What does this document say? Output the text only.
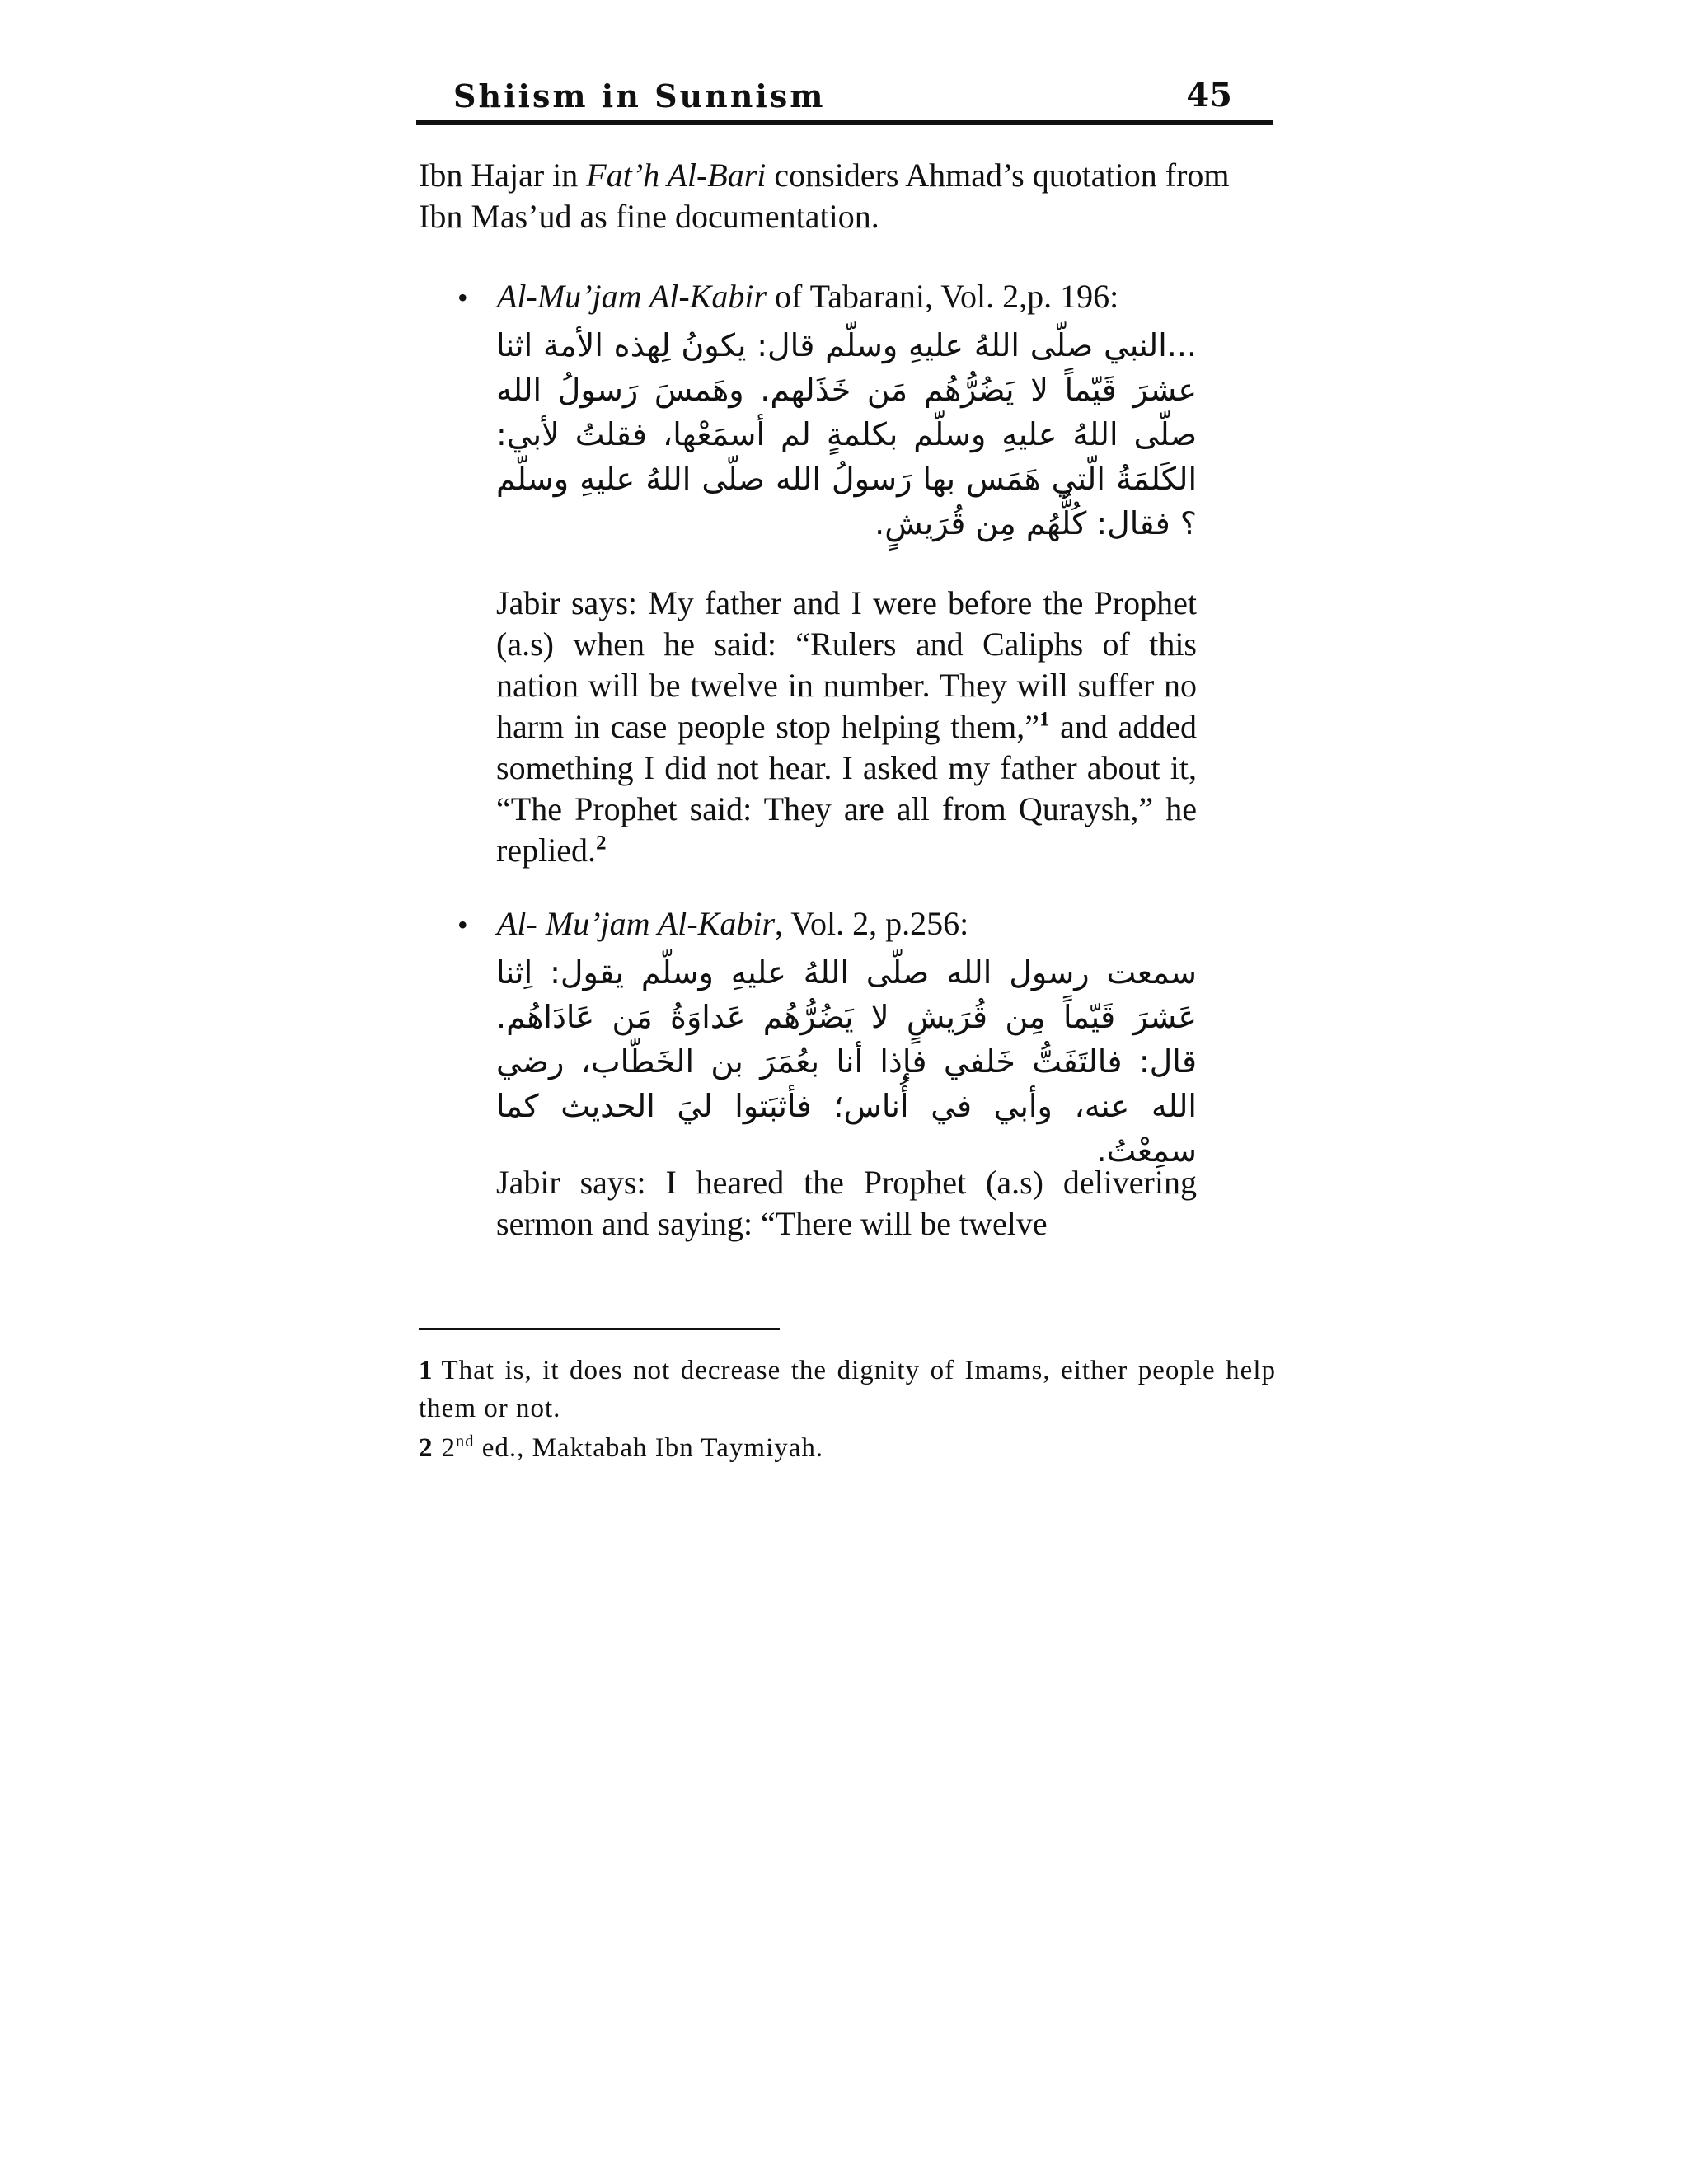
Shiism in Sunnism	45
Ibn Hajar in Fat’h Al-Bari considers Ahmad’s quotation from Ibn Mas’ud as fine documentation.
• Al-Mu’jam Al-Kabir of Tabarani, Vol. 2,p. 196:
...النبي صلّى اللهُ عليهِ وسلّم قال: يكونُ لِهذه الأمة اثنا عشرَ قَيّماً لا يَضُرُّهُم مَن خَذَلهم. وهَمسَ رَسولُ الله صلّى اللهُ عليهِ وسلّم بكلمةٍ لم أسمَعْها، فقلتُ لأبي: الكَلمَةُ الّتي هَمَس بها رَسولُ الله صلّى اللهُ عليهِ وسلّم ؟ فقال: كُلُّهُم مِن قُرَيشٍ.
Jabir says: My father and I were before the Prophet (a.s) when he said: “Rulers and Caliphs of this nation will be twelve in number. They will suffer no harm in case people stop helping them,”$^1$ and added something I did not hear. I asked my father about it, “The Prophet said: They are all from Quraysh,” he replied.$^2$
• Al- Mu’jam Al-Kabir, Vol. 2, p.256:
سمعت رسول الله صلّى اللهُ عليهِ وسلّم يقول: اِثنا عَشرَ قَيّماً مِن قُرَيشٍ لا يَضُرُّهُم عَداوَةُ مَن عَادَاهُم. قال: فالتَفَتُّ خَلفي فإذا أنا بعُمَرَ بن الخَطّاب، رضي الله عنه، وأبي في أُناس؛ فأثبَتوا ليَ الحديث كما سمِعْتُ.
Jabir says: I heared the Prophet (a.s) delivering sermon and saying: “There will be twelve
1 That is, it does not decrease the dignity of Imams, either people help them or not.
2 2nd ed., Maktabah Ibn Taymiyah.
